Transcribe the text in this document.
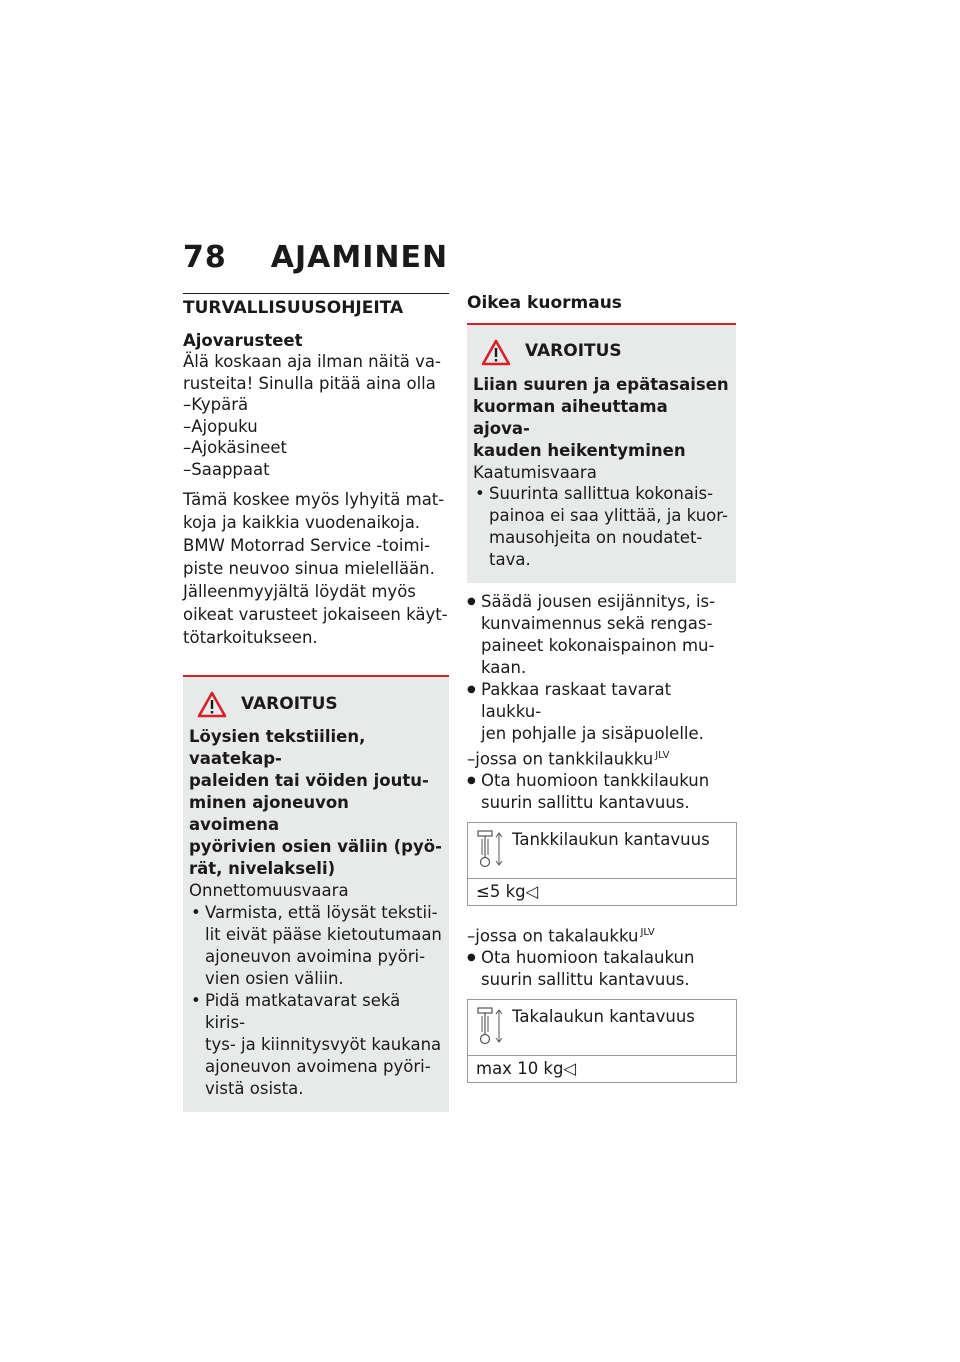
78 AJAMINEN
TURVALLISUUSOHJEITA
Ajovarusteet

Älä koskaan aja ilman näitä va-

rusteita! Sinulla pitää aina olla

–Kypärä

–Ajopuku

–Ajokäsineet

–Saappaat

Tämä koskee myös lyhyitä mat-

koja ja kaikkia vuodenaikoja.

BMW Motorrad Service -toimi-

piste neuvoo sinua mielellään.

Jälleenmyyjältä löydät myös

oikeat varusteet jokaiseen käyt-

tötarkoitukseen.

VAROITUS

Löysien tekstiilien, vaatekap-

paleiden tai vöiden joutu-

minen ajoneuvon avoimena

pyörivien osien väliin (pyö-

rät, nivelakseli)

Onnettomuusvaara

• Varmista, että löysät tekstii-

lit eivät pääse kietoutumaan

ajoneuvon avoimina pyöri-

vien osien väliin.

• Pidä matkatavarat sekä kiris-

tys- ja kiinnitysvyöt kaukana

ajoneuvon avoimena pyöri-

vistä osista.

Oikea kuormaus
VAROITUS

Liian suuren ja epätasaisen

kuorman aiheuttama ajova-

kauden heikentyminen

Kaatumisvaara

• Suurinta sallittua kokonais-

painoa ei saa ylittää, ja kuor-

mausohjeita on noudatet-

tava.

● Säädä jousen esijännitys, is-

kunvaimennus sekä rengas-

paineet kokonaispainon mu-

kaan.

● Pakkaa raskaat tavarat laukku-

jen pohjalle ja sisäpuolelle.

–jossa on tankkilaukku $^{JLV}$

● Ota huomioon tankkilaukun

suurin sallittu kantavuus.

Tankkilaukun kantavuus
≤5 kg◁

–jossa on takalaukku $^{JLV}$

● Ota huomioon takalaukun

suurin sallittu kantavuus.

Takalaukun kantavuus
max 10 kg◁
